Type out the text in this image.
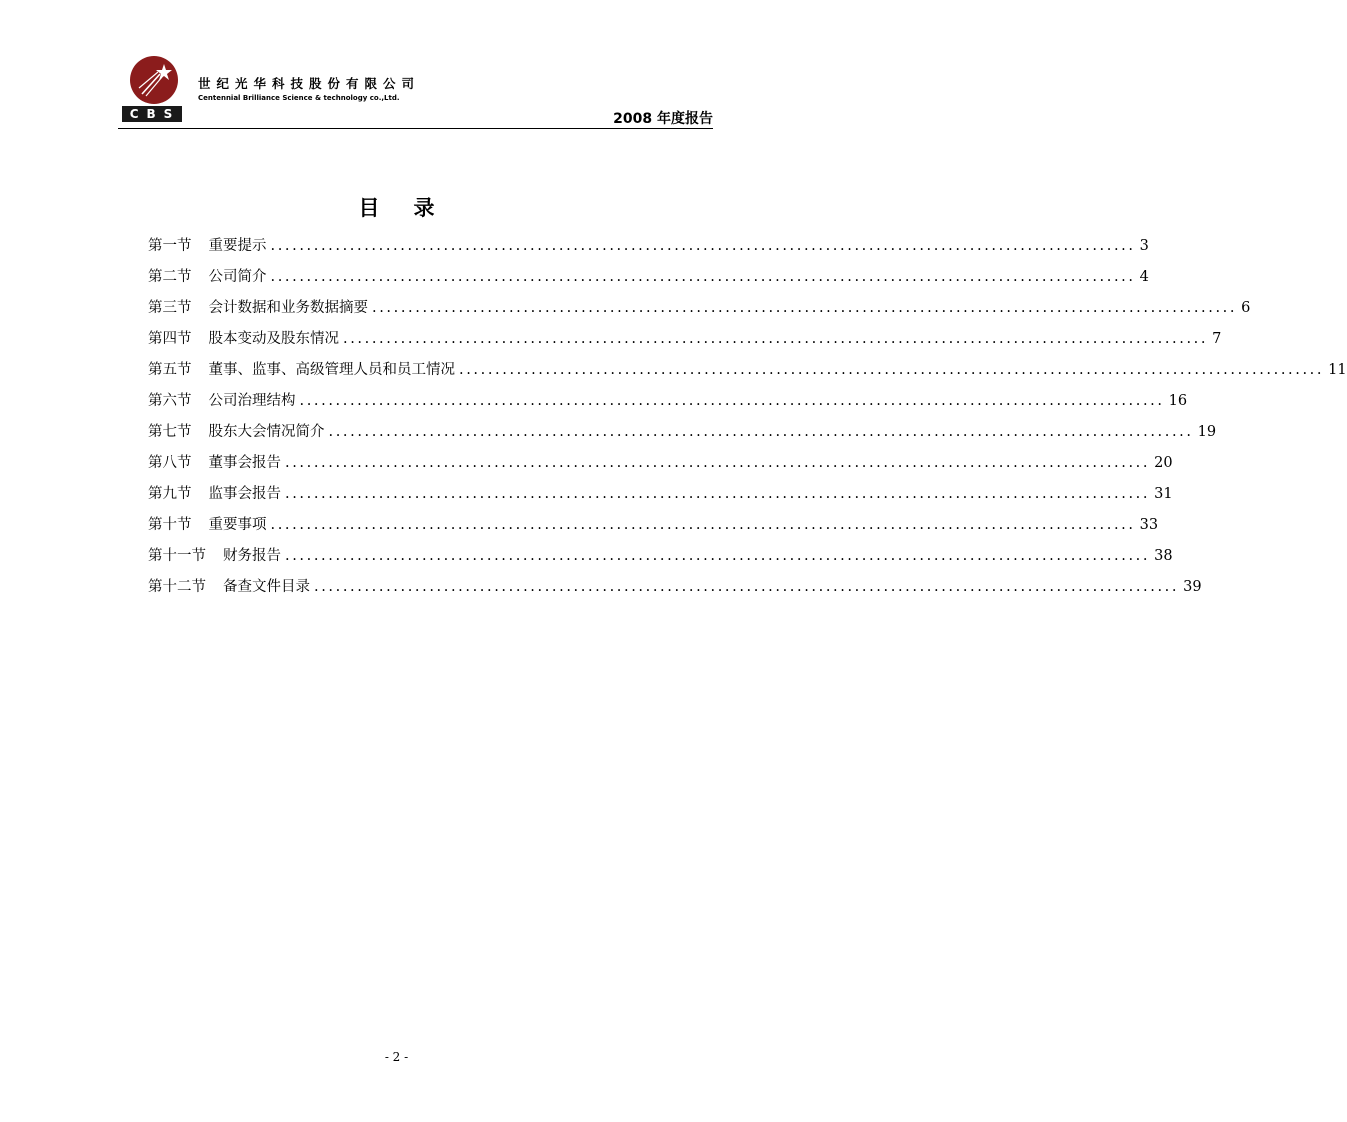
CBS
世纪光华科技股份有限公司
Centennial Brilliance Science & technology co.,Ltd.
2008 年度报告
目录
第一节 重要提示 ........................................................................................................................ 3
第二节 公司简介 ........................................................................................................................ 4
第三节 会计数据和业务数据摘要 ........................................................................................................................ 6
第四节 股本变动及股东情况 ........................................................................................................................ 7
第五节 董事、监事、高级管理人员和员工情况 ........................................................................................................................ 11
第六节 公司治理结构 ........................................................................................................................ 16
第七节 股东大会情况简介 ........................................................................................................................ 19
第八节 董事会报告 ........................................................................................................................ 20
第九节 监事会报告 ........................................................................................................................ 31
第十节 重要事项 ........................................................................................................................ 33
第十一节 财务报告 ........................................................................................................................ 38
第十二节 备查文件目录 ........................................................................................................................ 39
- 2 -
